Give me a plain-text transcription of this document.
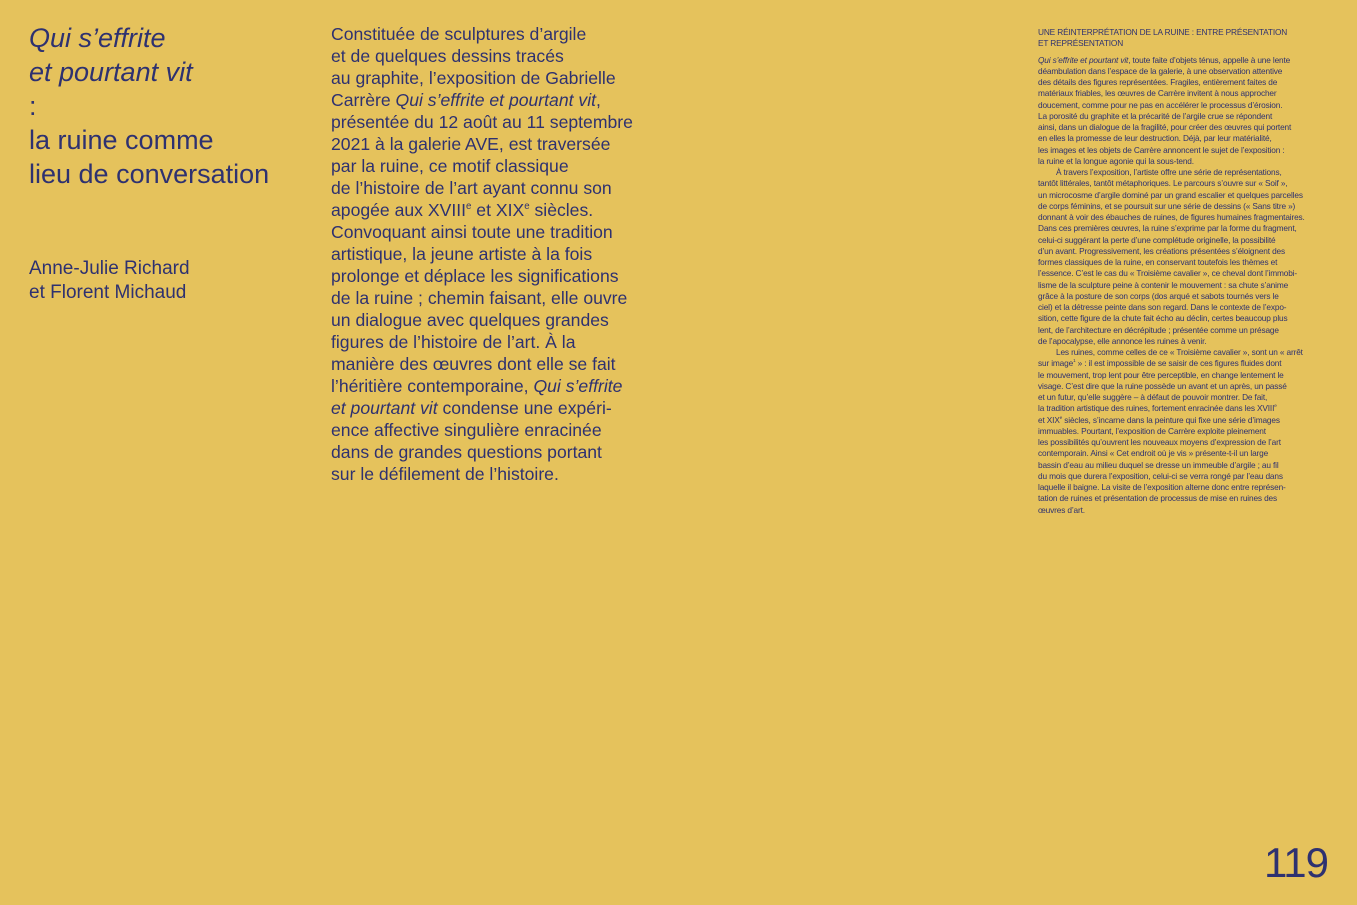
Qui s’effrite
et pourtant vit
:
la ruine comme
lieu de conversation
Anne-Julie Richard
et Florent Michaud
Constituée de sculptures d’argile
et de quelques dessins tracés
au graphite, l’exposition de Gabrielle
Carrère Qui s’effrite et pourtant vit,
présentée du 12 août au 11 septembre
2021 à la galerie AVE, est traversée
par la ruine, ce motif classique
de l’histoire de l’art ayant connu son
apogée aux XVIIIe et XIXe siècles.
Convoquant ainsi toute une tradition
artistique, la jeune artiste à la fois
prolonge et déplace les significations
de la ruine ; chemin faisant, elle ouvre
un dialogue avec quelques grandes
figures de l’histoire de l’art. À la
manière des œuvres dont elle se fait
l’héritière contemporaine, Qui s’effrite
et pourtant vit condense une expéri-
ence affective singulière enracinée
dans de grandes questions portant
sur le défilement de l’histoire.
UNE RÉINTERPRÉTATION DE LA RUINE : ENTRE PRÉSENTATION
ET REPRÉSENTATION
Qui s’effrite et pourtant vit, toute faite d’objets ténus, appelle à une lente
déambulation dans l’espace de la galerie, à une observation attentive
des détails des figures représentées. Fragiles, entièrement faites de
matériaux friables, les œuvres de Carrère invitent à nous approcher
doucement, comme pour ne pas en accélérer le processus d’érosion.
La porosité du graphite et la précarité de l’argile crue se répondent
ainsi, dans un dialogue de la fragilité, pour créer des œuvres qui portent
en elles la promesse de leur destruction. Déjà, par leur matérialité,
les images et les objets de Carrère annoncent le sujet de l’exposition :
la ruine et la longue agonie qui la sous-tend.
À travers l’exposition, l’artiste offre une série de représentations,
tantôt littérales, tantôt métaphoriques. Le parcours s’ouvre sur « Soif »,
un microcosme d’argile dominé par un grand escalier et quelques parcelles
de corps féminins, et se poursuit sur une série de dessins (« Sans titre »)
donnant à voir des ébauches de ruines, de figures humaines fragmentaires.
Dans ces premières œuvres, la ruine s’exprime par la forme du fragment,
celui-ci suggérant la perte d’une complétude originelle, la possibilité
d’un avant. Progressivement, les créations présentées s’éloignent des
formes classiques de la ruine, en conservant toutefois les thèmes et
l’essence. C’est le cas du « Troisième cavalier », ce cheval dont l’immobi-
lisme de la sculpture peine à contenir le mouvement : sa chute s’anime
grâce à la posture de son corps (dos arqué et sabots tournés vers le
ciel) et la détresse peinte dans son regard. Dans le contexte de l’expo-
sition, cette figure de la chute fait écho au déclin, certes beaucoup plus
lent, de l’architecture en décrépitude ; présentée comme un présage
de l’apocalypse, elle annonce les ruines à venir.
Les ruines, comme celles de ce « Troisième cavalier », sont un « arrêt
sur image$^1$ » : il est impossible de se saisir de ces figures fluides dont
le mouvement, trop lent pour être perceptible, en change lentement le
visage. C’est dire que la ruine possède un avant et un après, un passé
et un futur, qu’elle suggère – à défaut de pouvoir montrer. De fait,
la tradition artistique des ruines, fortement enracinée dans les XVIIIe
et XIXe siècles, s’incarne dans la peinture qui fixe une série d’images
immuables. Pourtant, l’exposition de Carrère exploite pleinement
les possibilités qu’ouvrent les nouveaux moyens d’expression de l’art
contemporain. Ainsi « Cet endroit où je vis » présente-t-il un large
bassin d’eau au milieu duquel se dresse un immeuble d’argile ; au fil
du mois que durera l’exposition, celui-ci se verra rongé par l’eau dans
laquelle il baigne. La visite de l’exposition alterne donc entre représen-
tation de ruines et présentation de processus de mise en ruines des
œuvres d’art.
119
